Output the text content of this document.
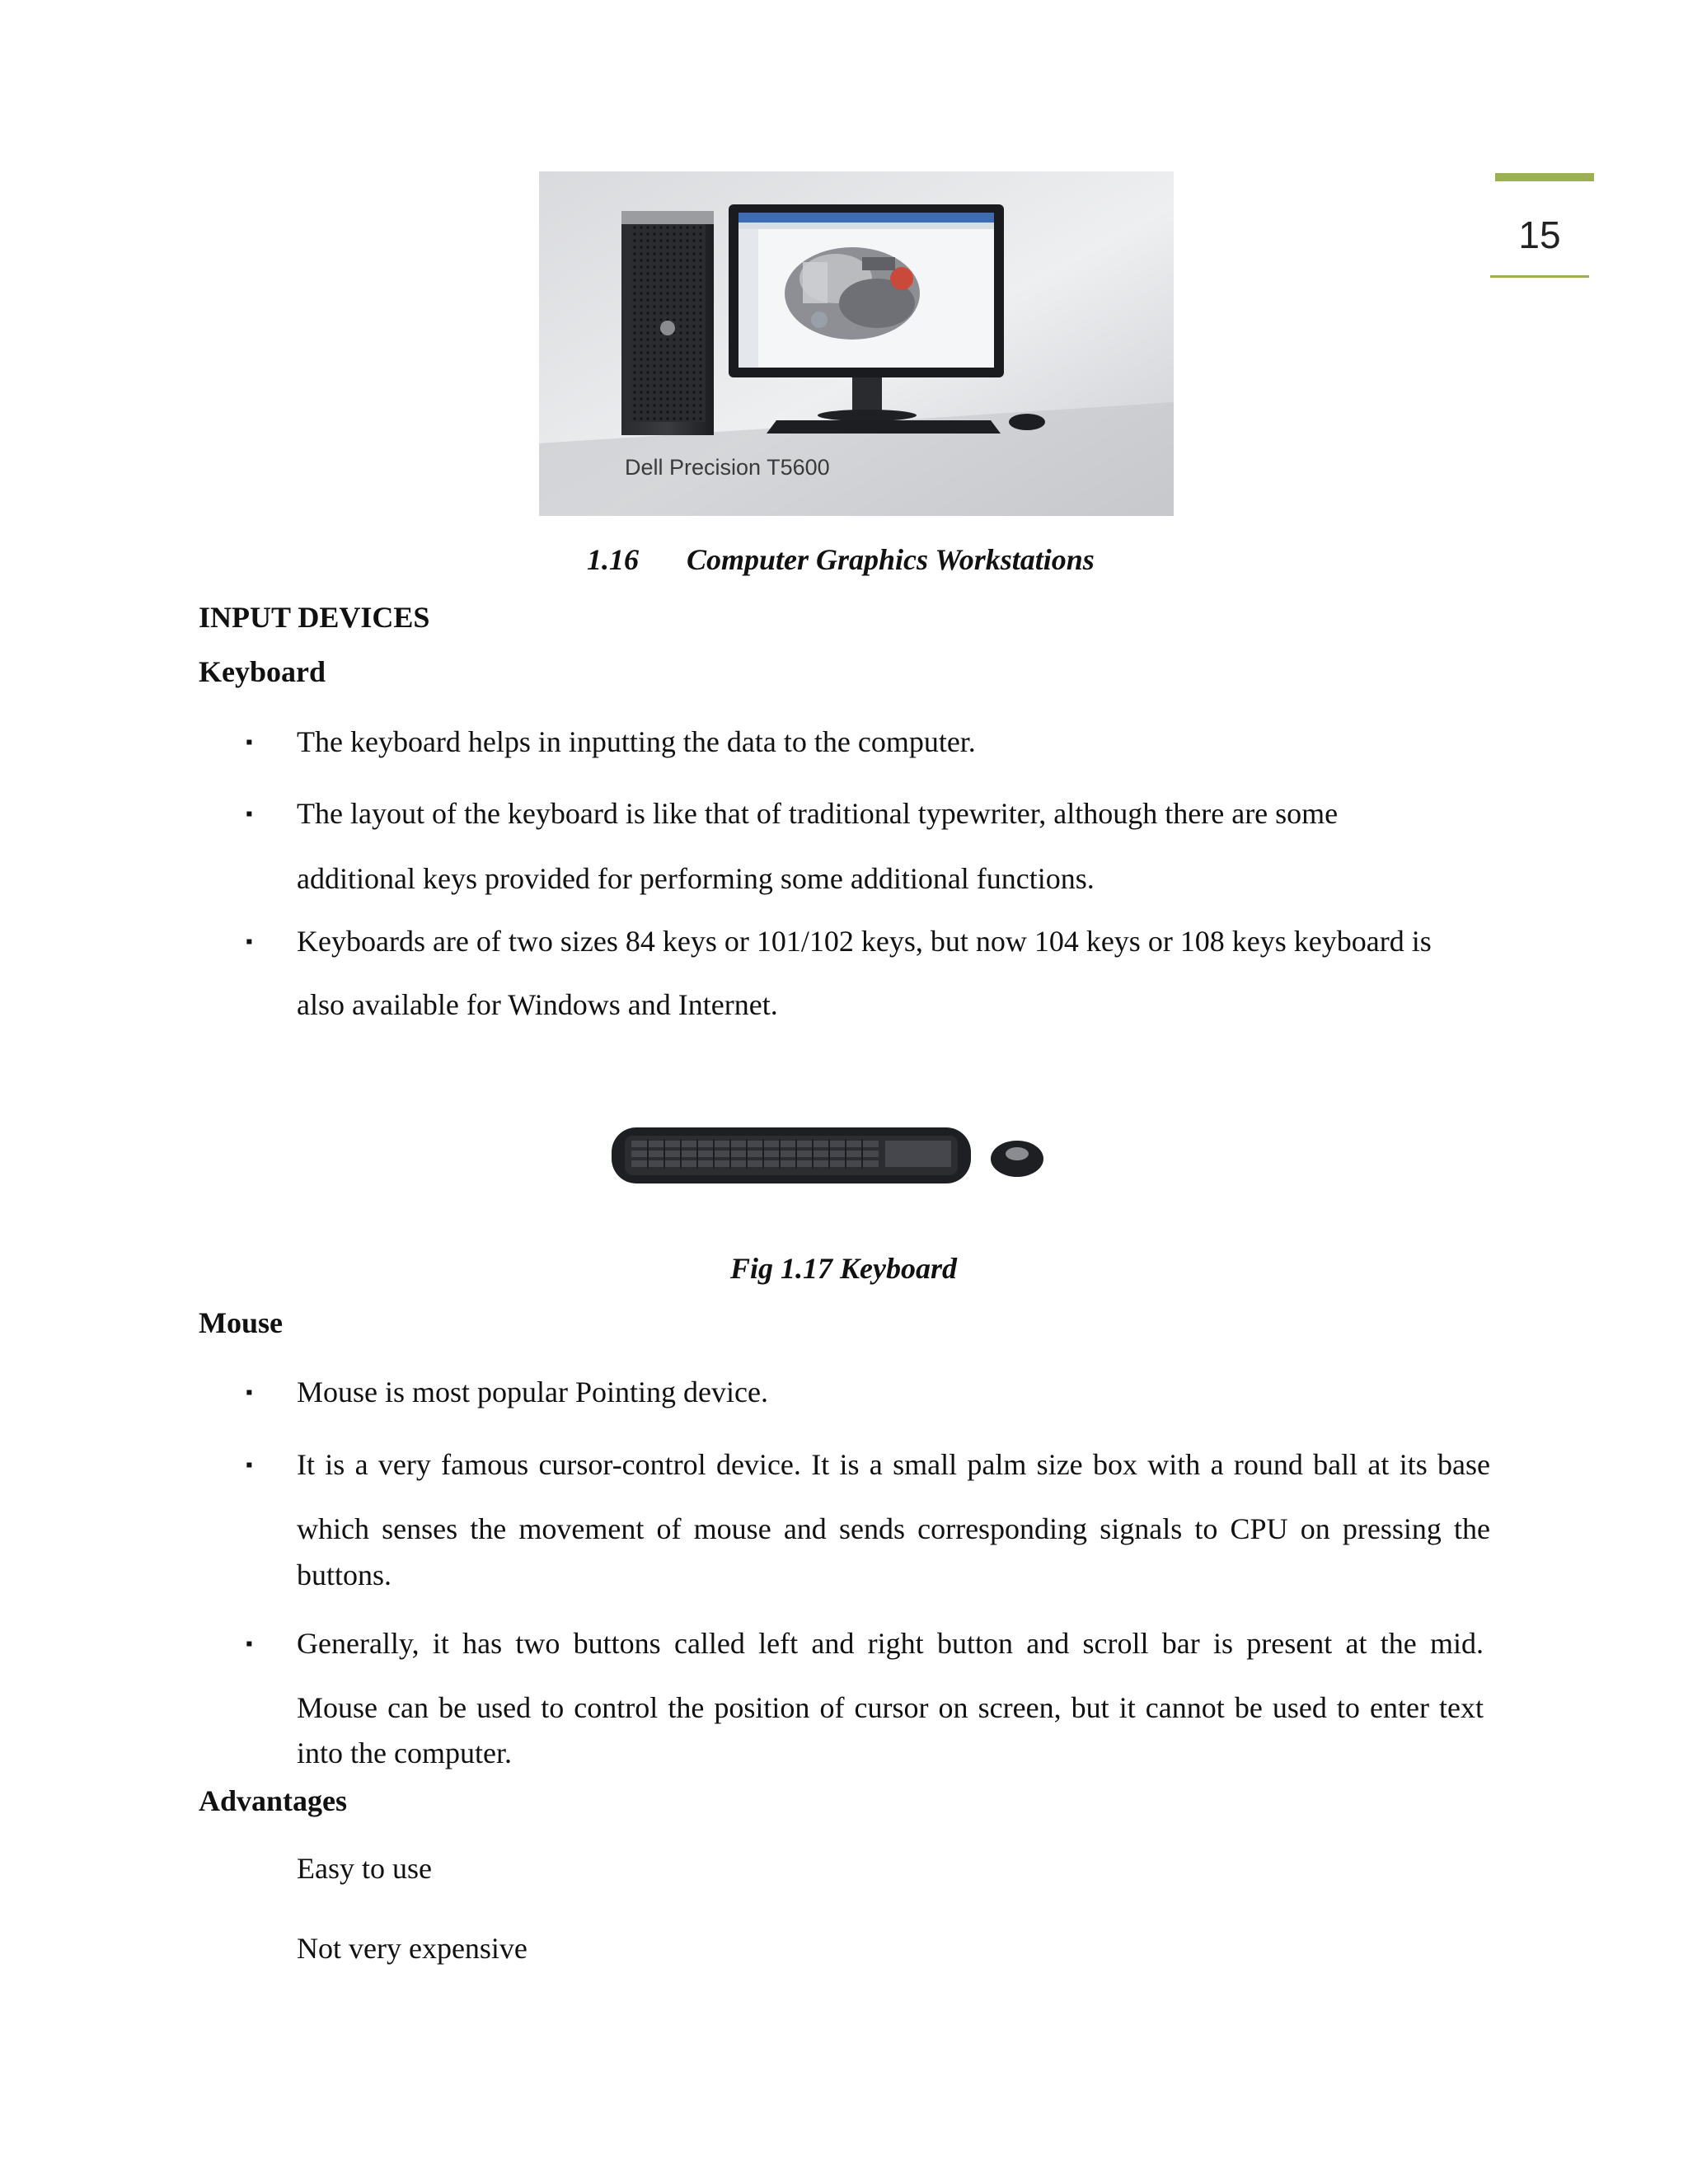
15
Dell Precision T5600
1.16 Computer Graphics Workstations
INPUT DEVICES
Keyboard
▪ The keyboard helps in inputting the data to the computer.
▪ The layout of the keyboard is like that of traditional typewriter, although there are some
additional keys provided for performing some additional functions.
▪ Keyboards are of two sizes 84 keys or 101/102 keys, but now 104 keys or 108 keys keyboard is
also available for Windows and Internet.
Fig 1.17 Keyboard
Mouse
▪ Mouse is most popular Pointing device.
▪ It is a very famous cursor-control device. It is a small palm size box with a round ball at its base
which senses the movement of mouse and sends corresponding signals to CPU on pressing the
buttons.
▪ Generally, it has two buttons called left and right button and scroll bar is present at the mid.
Mouse can be used to control the position of cursor on screen, but it cannot be used to enter text
into the computer.
Advantages
Easy to use
Not very expensive
